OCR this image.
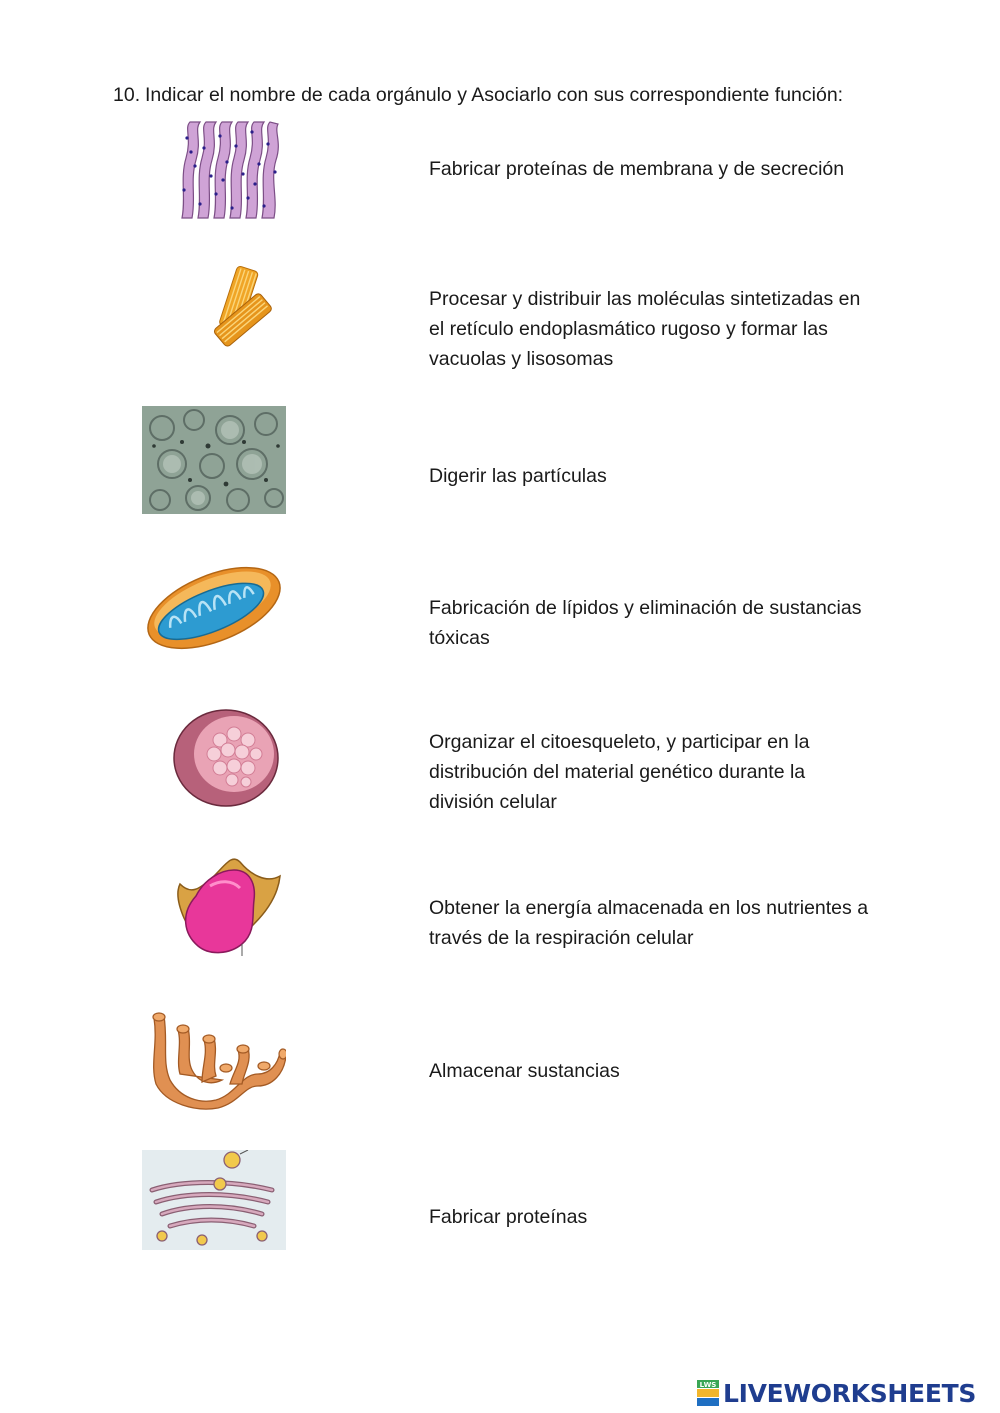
10. Indicar el nombre de cada orgánulo y Asociarlo con sus correspondiente función:

Fabricar proteínas de membrana y de secreción

Procesar y distribuir las moléculas sintetizadas en el retículo endoplasmático rugoso y formar las vacuolas y lisosomas

Digerir las partículas

Fabricación de lípidos y eliminación de sustancias tóxicas

Organizar el citoesqueleto, y participar en la distribución del material genético durante la división celular

Obtener la energía almacenada en los nutrientes a través de la respiración celular

Almacenar sustancias

Fabricar proteínas

LWS LIVEWORKSHEETS
